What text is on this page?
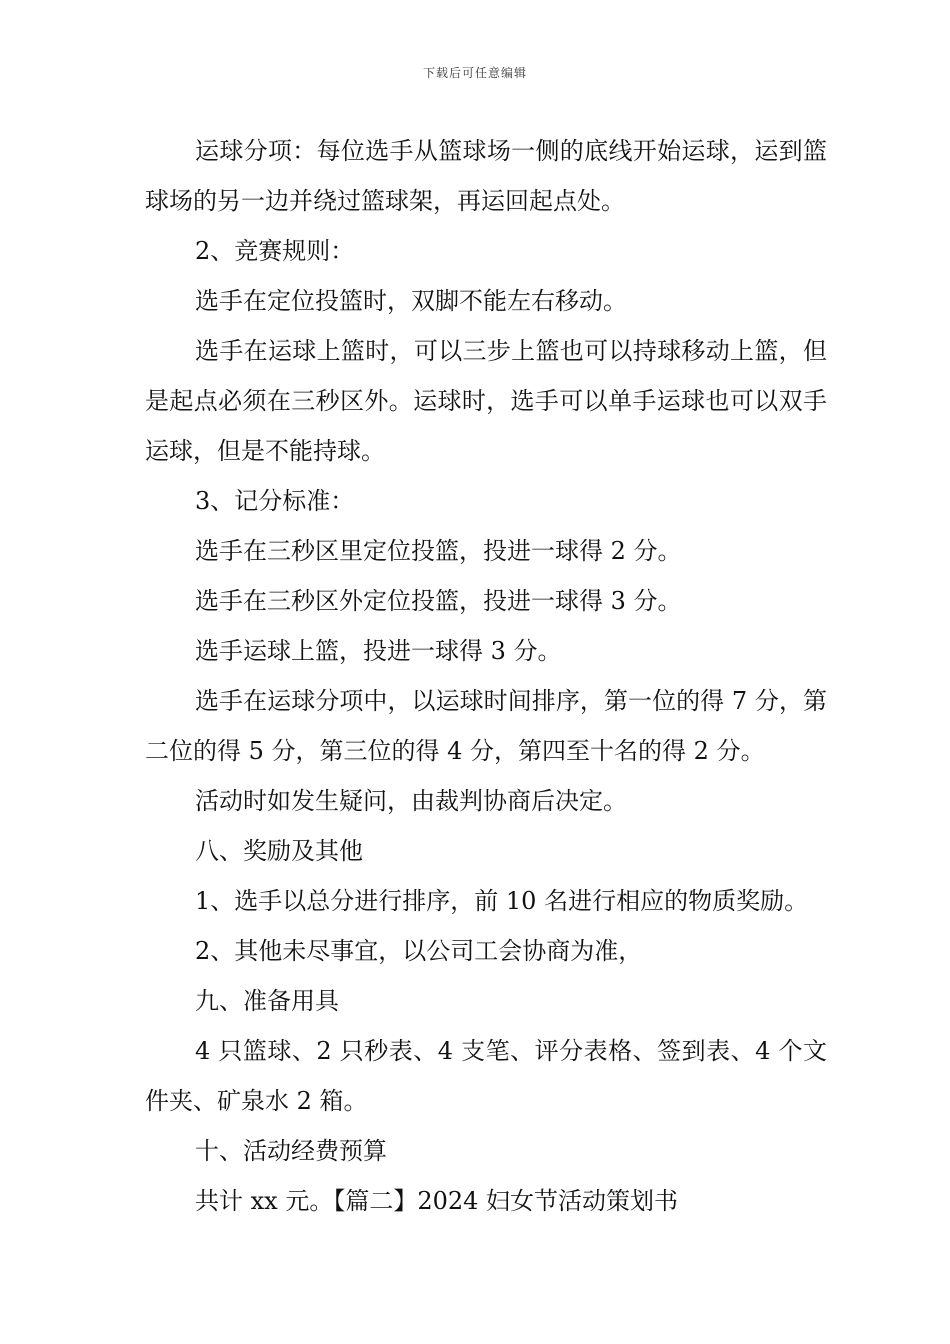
下载后可任意编辑

运球分项：每位选手从篮球场一侧的底线开始运球，运到篮球场的另一边并绕过篮球架，再运回起点处。

2、竞赛规则：

选手在定位投篮时，双脚不能左右移动。

选手在运球上篮时，可以三步上篮也可以持球移动上篮，但是起点必须在三秒区外。运球时，选手可以单手运球也可以双手运球，但是不能持球。

3、记分标准：

选手在三秒区里定位投篮，投进一球得 2 分。

选手在三秒区外定位投篮，投进一球得 3 分。

选手运球上篮，投进一球得 3 分。

选手在运球分项中，以运球时间排序，第一位的得 7 分，第二位的得 5 分，第三位的得 4 分，第四至十名的得 2 分。

活动时如发生疑问，由裁判协商后决定。

八、奖励及其他

1、选手以总分进行排序，前 10 名进行相应的物质奖励。

2、其他未尽事宜，以公司工会协商为准，

九、准备用具

4 只篮球、2 只秒表、4 支笔、评分表格、签到表、4 个文件夹、矿泉水 2 箱。

十、活动经费预算

共计 xx 元。【篇二】2024 妇女节活动策划书
